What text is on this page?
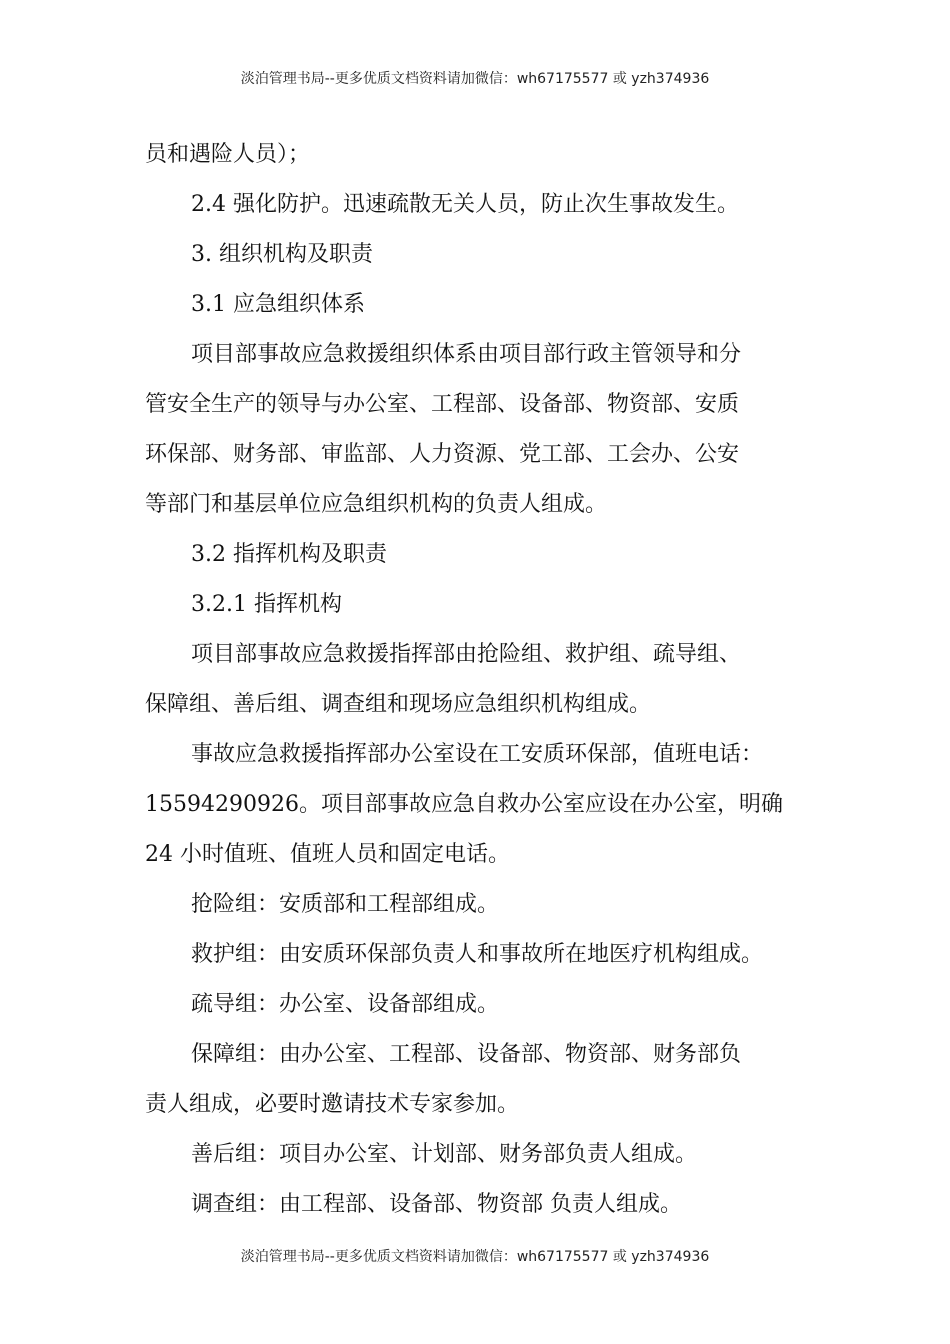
淡泊管理书局--更多优质文档资料请加微信：wh67175577 或 yzh374936

员和遇险人员）；

2.4 强化防护。迅速疏散无关人员，防止次生事故发生。

3. 组织机构及职责

3.1 应急组织体系

项目部事故应急救援组织体系由项目部行政主管领导和分

管安全生产的领导与办公室、工程部、设备部、物资部、安质

环保部、财务部、审监部、人力资源、党工部、工会办、公安

等部门和基层单位应急组织机构的负责人组成。

3.2 指挥机构及职责

3.2.1 指挥机构

项目部事故应急救援指挥部由抢险组、救护组、疏导组、

保障组、善后组、调查组和现场应急组织机构组成。

事故应急救援指挥部办公室设在工安质环保部，值班电话：

15594290926。项目部事故应急自救办公室应设在办公室，明确

24 小时值班、值班人员和固定电话。

抢险组：安质部和工程部组成。

救护组：由安质环保部负责人和事故所在地医疗机构组成。

疏导组：办公室、设备部组成。

保障组：由办公室、工程部、设备部、物资部、财务部负

责人组成，必要时邀请技术专家参加。

善后组：项目办公室、计划部、财务部负责人组成。

调查组：由工程部、设备部、物资部 负责人组成。

淡泊管理书局--更多优质文档资料请加微信：wh67175577 或 yzh374936
